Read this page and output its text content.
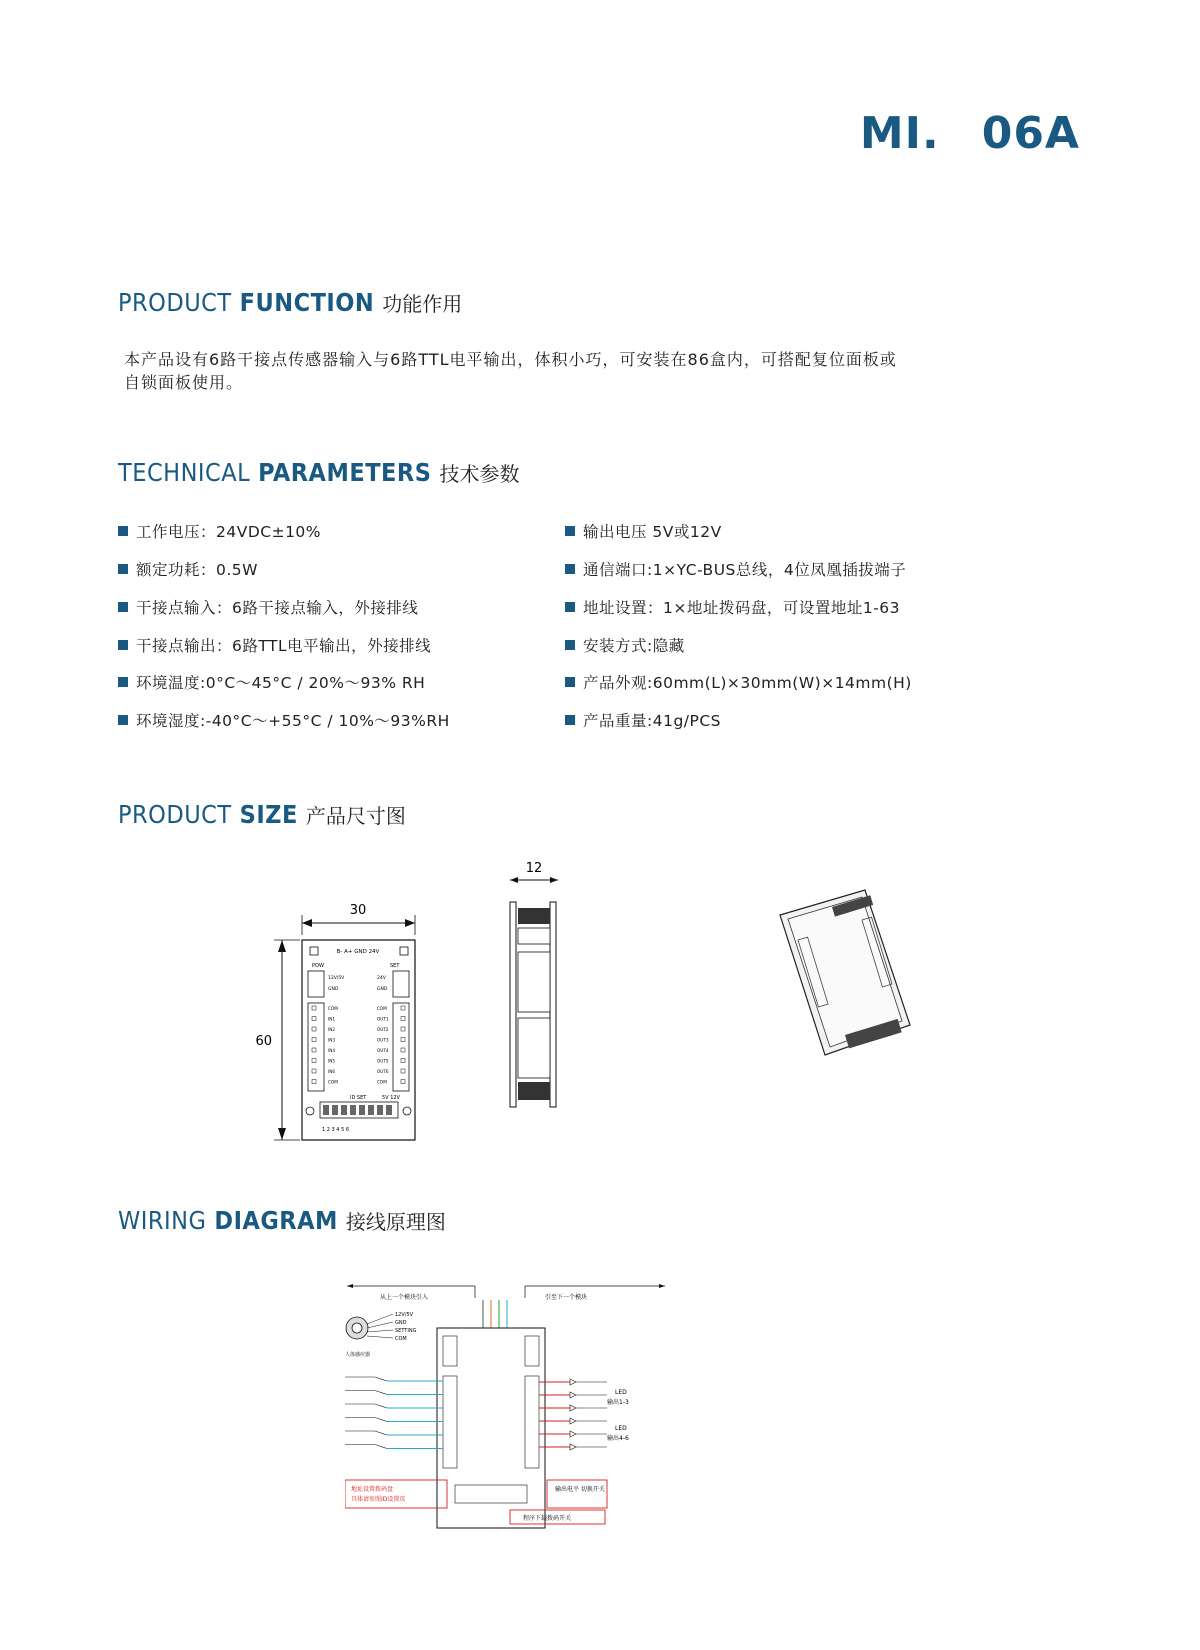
MI. 06A
PRODUCT FUNCTION 功能作用
本产品设有6路干接点传感器输入与6路TTL电平输出，体积小巧，可安装在86盒内，可搭配复位面板或
自锁面板使用。
TECHNICAL PARAMETERS 技术参数
工作电压：24VDC±10%
额定功耗：0.5W
干接点输入：6路干接点输入，外接排线
干接点输出：6路TTL电平输出，外接排线
环境温度:0°C～45°C / 20%～93% RH
环境湿度:-40°C～+55°C / 10%～93%RH
输出电压 5V或12V
通信端口:1×YC-BUS总线，4位凤凰插拔端子
地址设置：1×地址拨码盘，可设置地址1-63
安装方式:隐藏
产品外观:60mm(L)×30mm(W)×14mm(H)
产品重量:41g/PCS
PRODUCT SIZE 产品尺寸图
30
60
B- A+ GND 24V
POW	SET
12V/5V
GND
24V
GND
COM
IN1
IN2
IN3
IN4
IN5
IN6
COM
COM
OUT1
OUT2
OUT3
OUT4
OUT5
OUT6
COM
ID SET	5V 12V
1 2 3 4 5 6
12
WIRING DIAGRAM 接线原理图
从上一个模块引入	引至下一个模块
12V/5V
GND
SETTING
COM
人体感应器
LED
输出1-3
LED
输出4-6
地址设置拨码盘
具体请参照ID设置页
输出电平 切换开关
程序下载拨码开关
